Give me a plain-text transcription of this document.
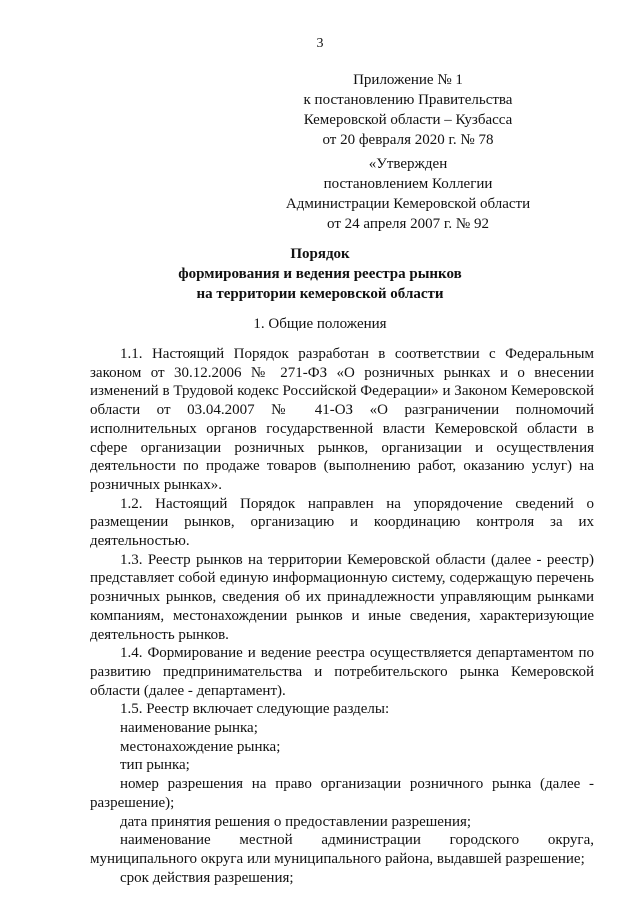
3
Приложение № 1
к постановлению Правительства
Кемеровской области – Кузбасса
от 20 февраля 2020 г. № 78
«Утвержден
постановлением Коллегии
Администрации Кемеровской области
от 24 апреля 2007 г. № 92
Порядок
формирования и ведения реестра рынков
на территории кемеровской области
1. Общие положения

1.1. Настоящий Порядок разработан в соответствии с Федеральным законом от 30.12.2006 № 271-ФЗ «О розничных рынках и о внесении изменений в Трудовой кодекс Российской Федерации» и Законом Кемеровской области от 03.04.2007 № 41-ОЗ «О разграничении полномочий исполнительных органов государственной власти Кемеровской области в сфере организации розничных рынков, организации и осуществления деятельности по продаже товаров (выполнению работ, оказанию услуг) на розничных рынках».

1.2. Настоящий Порядок направлен на упорядочение сведений о размещении рынков, организацию и координацию контроля за их деятельностью.

1.3. Реестр рынков на территории Кемеровской области (далее - реестр) представляет собой единую информационную систему, содержащую перечень розничных рынков, сведения об их принадлежности управляющим рынками компаниям, местонахождении рынков и иные сведения, характеризующие деятельность рынков.

1.4. Формирование и ведение реестра осуществляется департаментом по развитию предпринимательства и потребительского рынка Кемеровской области (далее - департамент).

1.5. Реестр включает следующие разделы:

наименование рынка;

местонахождение рынка;

тип рынка;

номер разрешения на право организации розничного рынка (далее - разрешение);

дата принятия решения о предоставлении разрешения;

наименование местной администрации городского округа, муниципального округа или муниципального района, выдавшей разрешение;

срок действия разрешения;
